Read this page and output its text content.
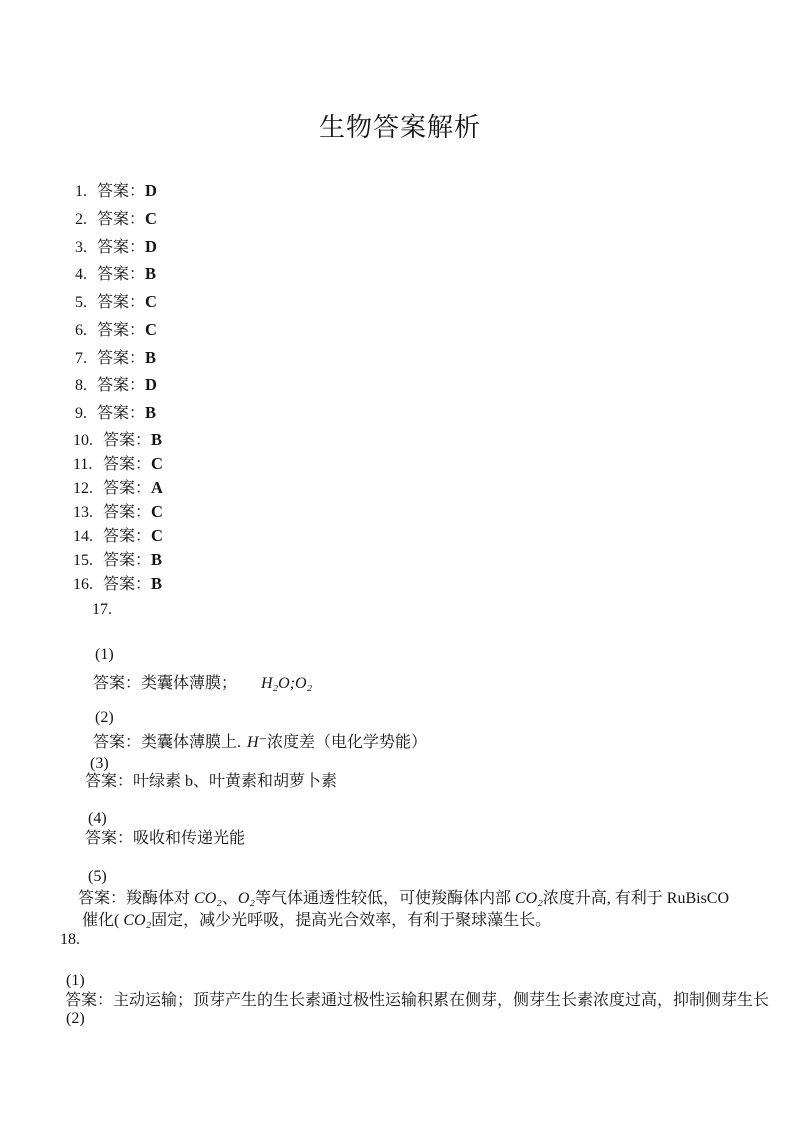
生物答案解析
1. 答案：D
2. 答案：C
3. 答案：D
4. 答案：B
5. 答案：C
6. 答案：C
7. 答案：B
8. 答案：D
9. 答案：B
10. 答案：B
11. 答案：C
12. 答案：A
13. 答案：C
14. 答案：C
15. 答案：B
16. 答案：B
17.
(1)
答案：类囊体薄膜； H₂O;O₂
(2)
答案：类囊体薄膜上. H⁻浓度差（电化学势能）
(3)
答案：叶绿素 b、叶黄素和胡萝卜素
(4)
答案：吸收和传递光能
(5)
答案：羧酶体对 CO₂、O₂等气体通透性较低，可使羧酶体内部 CO₂浓度升高, 有利于 RuBisCO
催化( CO₂固定，减少光呼吸，提高光合效率，有利于聚球藻生长。
18.
(1)
答案：主动运输；顶芽产生的生长素通过极性运输积累在侧芽，侧芽生长素浓度过高，抑制侧芽生长
(2)
